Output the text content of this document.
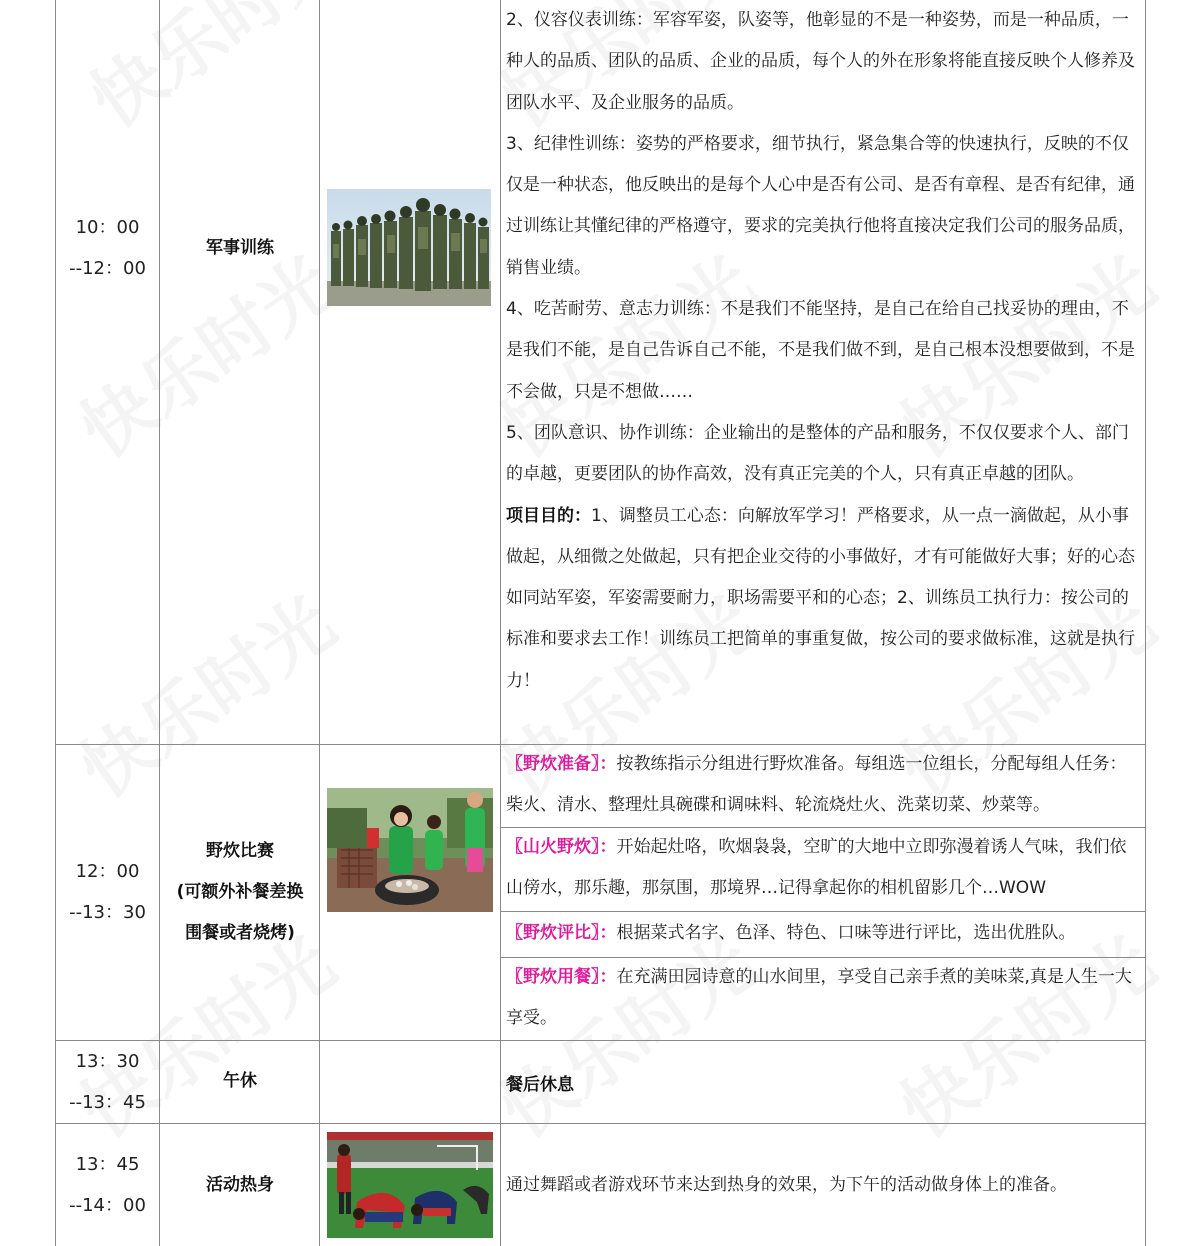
10：00
--12：00
军事训练

2、仪容仪表训练：军容军姿，队姿等，他彰显的不是一种姿势，而是一种品质，一种人的品质、团队的品质、企业的品质，每个人的外在形象将能直接反映个人修养及团队水平、及企业服务的品质。

3、纪律性训练：姿势的严格要求，细节执行，紧急集合等的快速执行，反映的不仅仅是一种状态，他反映出的是每个人心中是否有公司、是否有章程、是否有纪律，通过训练让其懂纪律的严格遵守，要求的完美执行他将直接决定我们公司的服务品质，销售业绩。

4、吃苦耐劳、意志力训练：不是我们不能坚持，是自己在给自己找妥协的理由，不是我们不能，是自己告诉自己不能，不是我们做不到，是自己根本没想要做到，不是不会做，只是不想做……

5、团队意识、协作训练：企业输出的是整体的产品和服务，不仅仅要求个人、部门的卓越，更要团队的协作高效，没有真正完美的个人，只有真正卓越的团队。

项目目的：1、调整员工心态：向解放军学习！严格要求，从一点一滴做起，从小事做起，从细微之处做起，只有把企业交待的小事做好，才有可能做好大事；好的心态如同站军姿，军姿需要耐力，职场需要平和的心态；2、训练员工执行力：按公司的标准和要求去工作！训练员工把简单的事重复做，按公司的要求做标准，这就是执行力！

12：00
--13：30
野炊比赛
(可额外补餐差换
围餐或者烧烤)

〖野炊准备〗：按教练指示分组进行野炊准备。每组选一位组长，分配每组人任务：柴火、清水、整理灶具碗碟和调味料、轮流烧灶火、洗菜切菜、炒菜等。

〖山火野炊〗：开始起灶咯，吹烟袅袅，空旷的大地中立即弥漫着诱人气味，我们依山傍水，那乐趣，那氛围，那境界…记得拿起你的相机留影几个…WOW

〖野炊评比〗：根据菜式名字、色泽、特色、口味等进行评比，选出优胜队。

〖野炊用餐〗：在充满田园诗意的山水间里，享受自己亲手煮的美味菜,真是人生一大享受。

13：30
--13：45
午休	餐后休息
13：45
--14：00
活动热身	通过舞蹈或者游戏环节来达到热身的效果，为下午的活动做身体上的准备。
